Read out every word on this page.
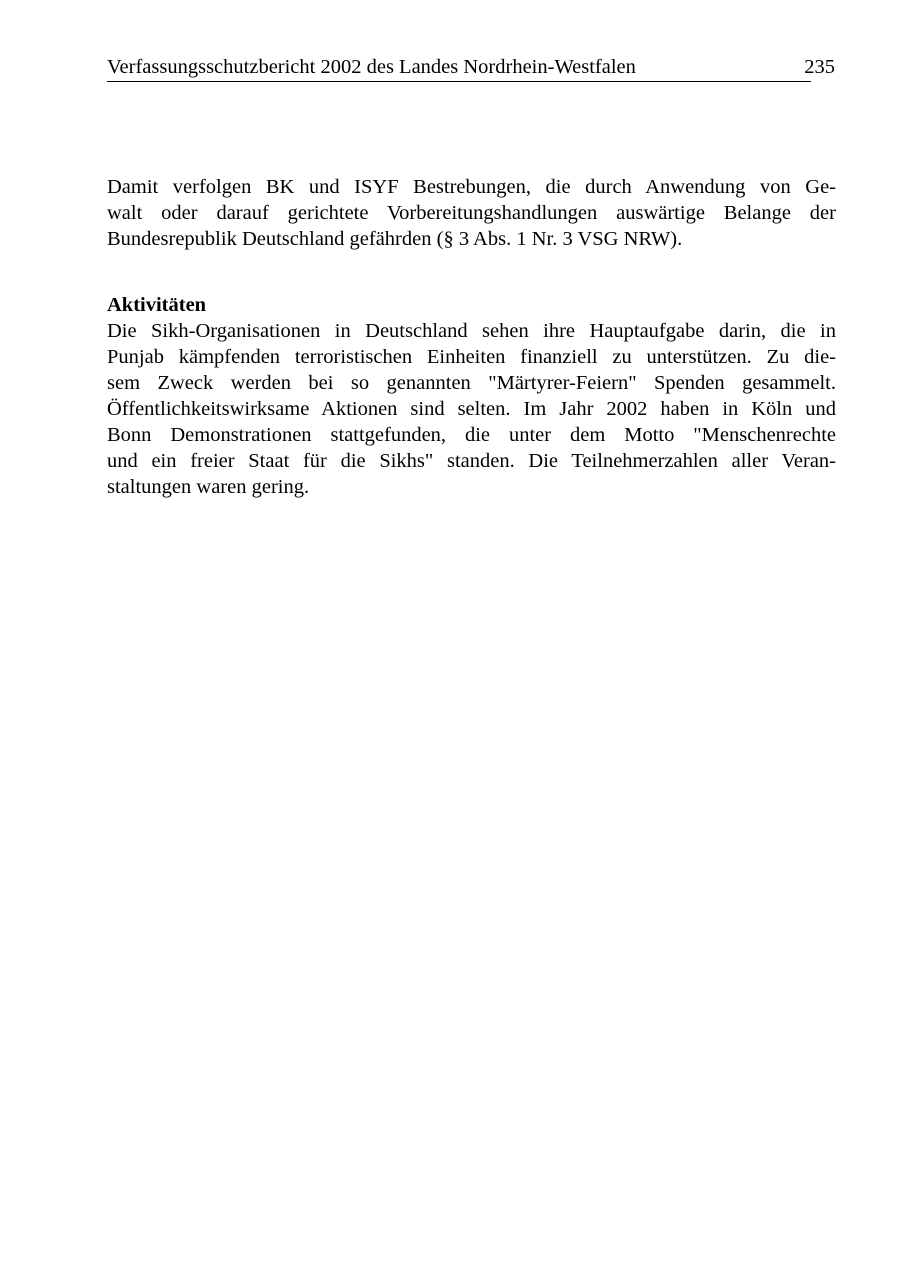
Verfassungsschutzbericht 2002 des Landes Nordrhein-Westfalen	235

Damit verfolgen BK und ISYF Bestrebungen, die durch Anwendung von Ge-
walt oder darauf gerichtete Vorbereitungshandlungen auswärtige Belange der
Bundesrepublik Deutschland gefährden (§ 3 Abs. 1 Nr. 3 VSG NRW).

Aktivitäten

Die Sikh-Organisationen in Deutschland sehen ihre Hauptaufgabe darin, die in
Punjab kämpfenden terroristischen Einheiten finanziell zu unterstützen. Zu die-
sem Zweck werden bei so genannten "Märtyrer-Feiern" Spenden gesammelt.
Öffentlichkeitswirksame Aktionen sind selten. Im Jahr 2002 haben in Köln und
Bonn Demonstrationen stattgefunden, die unter dem Motto "Menschenrechte
und ein freier Staat für die Sikhs" standen. Die Teilnehmerzahlen aller Veran-
staltungen waren gering.
